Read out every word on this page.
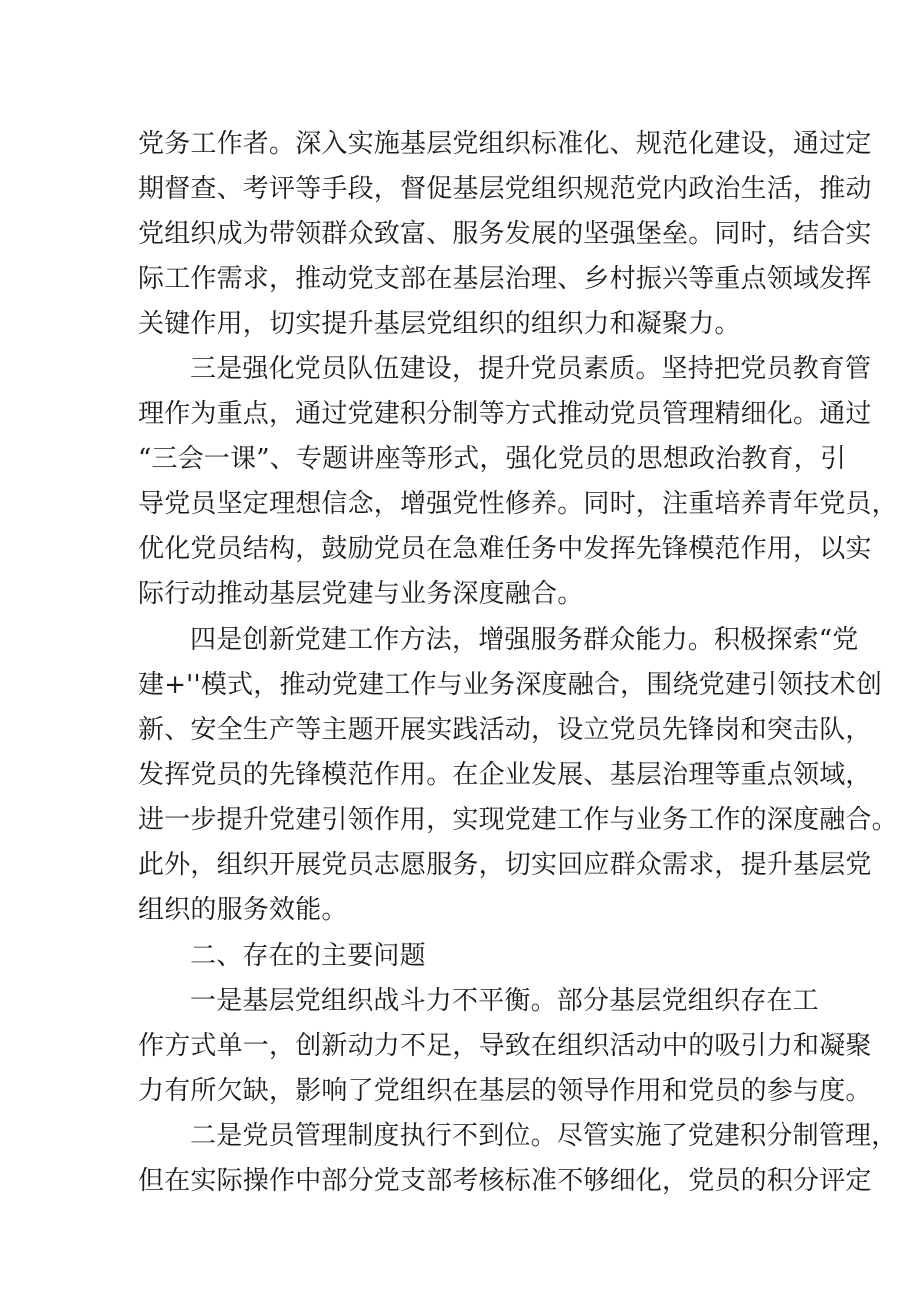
党务工作者。深入实施基层党组织标准化、规范化建设，通过定
期督查、考评等手段，督促基层党组织规范党内政治生活，推动
党组织成为带领群众致富、服务发展的坚强堡垒。同时，结合实
际工作需求，推动党支部在基层治理、乡村振兴等重点领域发挥
关键作用，切实提升基层党组织的组织力和凝聚力。
三是强化党员队伍建设，提升党员素质。坚持把党员教育管
理作为重点，通过党建积分制等方式推动党员管理精细化。通过
“三会一课”、专题讲座等形式，强化党员的思想政治教育，引
导党员坚定理想信念，增强党性修养。同时，注重培养青年党员，
优化党员结构，鼓励党员在急难任务中发挥先锋模范作用，以实
际行动推动基层党建与业务深度融合。
四是创新党建工作方法，增强服务群众能力。积极探索“党
建+''模式，推动党建工作与业务深度融合，围绕党建引领技术创
新、安全生产等主题开展实践活动，设立党员先锋岗和突击队，
发挥党员的先锋模范作用。在企业发展、基层治理等重点领域，
进一步提升党建引领作用，实现党建工作与业务工作的深度融合。
此外，组织开展党员志愿服务，切实回应群众需求，提升基层党
组织的服务效能。
二、存在的主要问题
一是基层党组织战斗力不平衡。部分基层党组织存在工
作方式单一，创新动力不足，导致在组织活动中的吸引力和凝聚
力有所欠缺，影响了党组织在基层的领导作用和党员的参与度。
二是党员管理制度执行不到位。尽管实施了党建积分制管理，
但在实际操作中部分党支部考核标准不够细化，党员的积分评定
